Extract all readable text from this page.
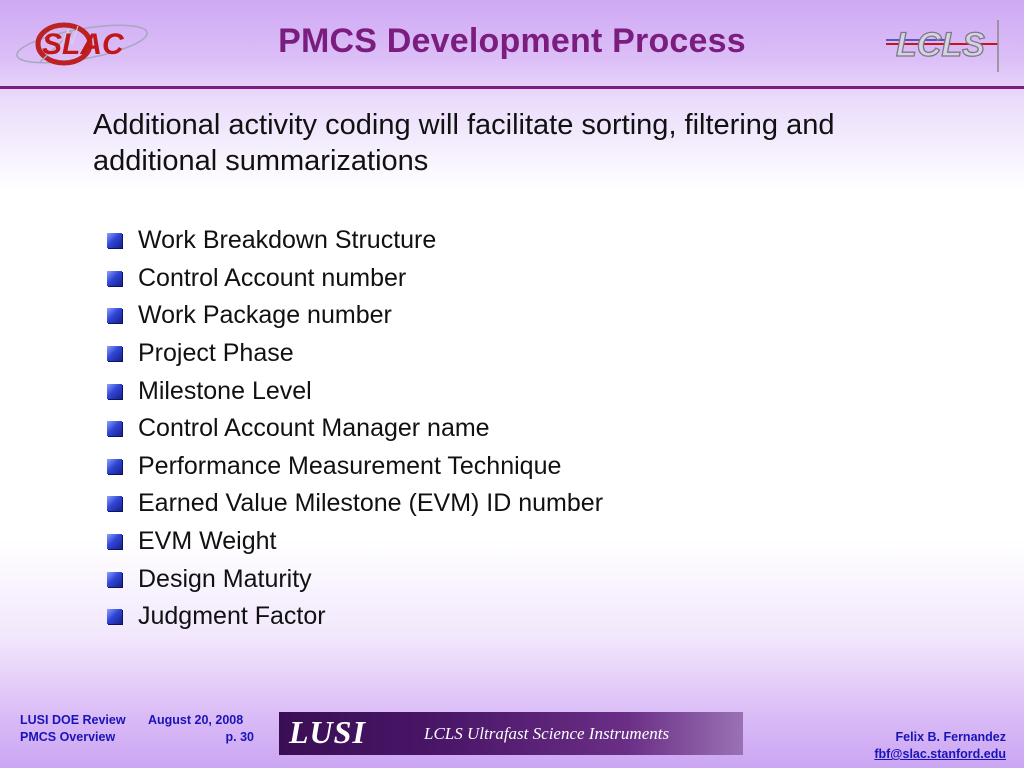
SLAC	PMCS Development Process	LCLS
Additional activity coding will facilitate sorting, filtering and additional summarizations
Work Breakdown Structure
Control Account number
Work Package number
Project Phase
Milestone Level
Control Account Manager name
Performance Measurement Technique
Earned Value Milestone (EVM) ID number
EVM Weight
Design Maturity
Judgment Factor
LUSI DOE Review	August 20, 2008
PMCS Overview	p. 30 LUSI	LCLS Ultrafast Science Instruments	Felix B. Fernandez
fbf@slac.stanford.edu
